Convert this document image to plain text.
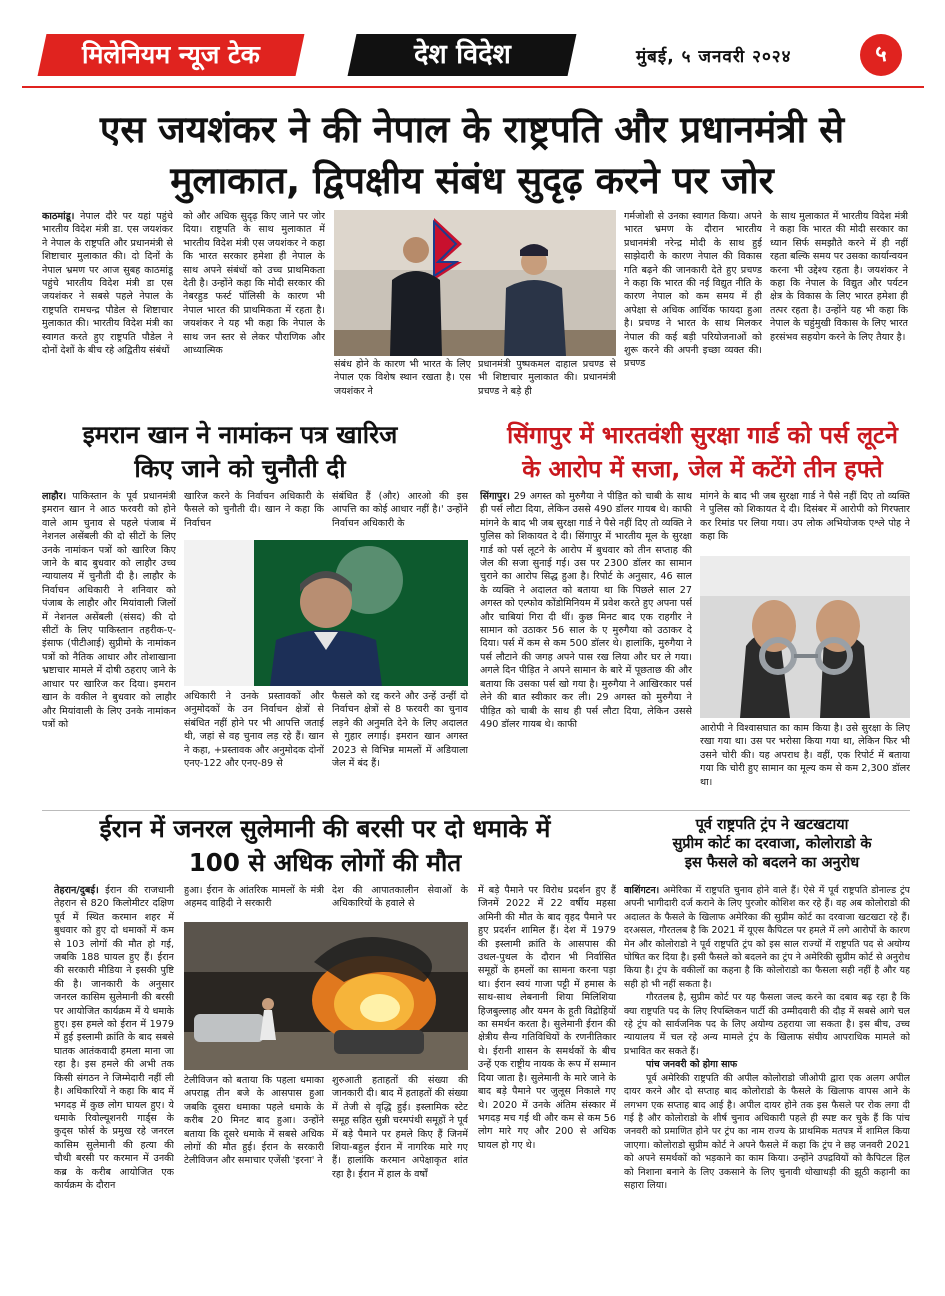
मिलेनियम न्यूज टेक	देश विदेश	मुंबई, ५ जनवरी २०२४	५
एस जयशंकर ने की नेपाल के राष्ट्रपति और प्रधानमंत्री से
मुलाकात, द्विपक्षीय संबंध सुदृढ़ करने पर जोर
काठमांडू। नेपाल दौरे पर यहां पहुंचे भारतीय विदेश मंत्री डा. एस जयशंकर ने नेपाल के राष्ट्रपति और प्रधानमंत्री से शिष्टाचार मुलाकात की। दो दिनों के नेपाल भ्रमण पर आज सुबह काठमांडू पहुंचे भारतीय विदेश मंत्री डा एस जयशंकर ने सबसे पहले नेपाल के राष्ट्रपति रामचन्द्र पौडेल से शिष्टाचार मुलाकात की। भारतीय विदेश मंत्री का स्वागत करते हुए राष्ट्रपति पौडेल ने दोनों देशों के बीच रहे अद्वितीय संबंधों
को और अधिक सुदृढ़ किए जाने पर जोर दिया। राष्ट्रपति के साथ मुलाकात में भारतीय विदेश मंत्री एस जयशंकर ने कहा कि भारत सरकार हमेशा ही नेपाल के साथ अपने संबंधों को उच्च प्राथमिकता देती है। उन्होंने कहा कि मोदी सरकार की नेबरहुड फर्स्ट पॉलिसी के कारण भी नेपाल भारत की प्राथमिकता में रहता है। जयशंकर ने यह भी कहा कि नेपाल के साथ जन स्तर से लेकर पौराणिक और आध्यात्मिक
संबंध होने के कारण भी भारत के लिए नेपाल एक विशेष स्थान रखता है। एस जयशंकर ने
प्रधानमंत्री पुष्पकमल दाहाल प्रचण्ड से भी शिष्टाचार मुलाकात की। प्रधानमंत्री प्रचण्ड ने बड़े ही
गर्मजोशी से उनका स्वागत किया। अपने भारत भ्रमण के दौरान भारतीय प्रधानमंत्री नरेन्द्र मोदी के साथ हुई साझेदारी के कारण नेपाल की विकास गति बढ़ने की जानकारी देते हुए प्रचण्ड ने कहा कि भारत की नई विद्युत नीति के कारण नेपाल को कम समय में ही अपेक्षा से अधिक आर्थिक फायदा हुआ है। प्रचण्ड ने भारत के साथ मिलकर नेपाल की कई बड़ी परियोजनाओं को शुरू करने की अपनी इच्छा व्यक्त की। प्रचण्ड
के साथ मुलाकात में भारतीय विदेश मंत्री ने कहा कि भारत की मोदी सरकार का ध्यान सिर्फ समझौते करने में ही नहीं रहता बल्कि समय पर उसका कार्यान्वयन करना भी उद्देश्य रहता है। जयशंकर ने कहा कि नेपाल के विद्युत और पर्यटन क्षेत्र के विकास के लिए भारत हमेशा ही तत्पर रहता है। उन्होंने यह भी कहा कि नेपाल के चहुंमुखी विकास के लिए भारत हरसंभव सहयोग करने के लिए तैयार है।
इमरान खान ने नामांकन पत्र खारिज
किए जाने को चुनौती दी
लाहौर। पाकिस्तान के पूर्व प्रधानमंत्री इमरान खान ने आठ फरवरी को होने वाले आम चुनाव से पहले पंजाब में नेशनल असेंबली की दो सीटों के लिए उनके नामांकन पत्रों को खारिज किए जाने के बाद बुधवार को लाहौर उच्च न्यायालय में चुनौती दी है। लाहौर के निर्वाचन अधिकारी ने शनिवार को पंजाब के लाहौर और मियांवाली जिलों में नेशनल असेंबली (संसद) की दो सीटों के लिए पाकिस्तान तहरीक-ए-इंसाफ (पीटीआई) सुप्रीमो के नामांकन पत्रों को नैतिक आधार और तोशाखाना भ्रष्टाचार मामले में दोषी ठहराए जाने के आधार पर खारिज कर दिया। इमरान खान के वकील ने बुधवार को लाहौर और मियांवाली के लिए उनके नामांकन पत्रों को
खारिज करने के निर्वाचन अधिकारी के फैसले को चुनौती दी। खान ने कहा कि निर्वाचन
संबंधित हैं (और) आरओ की इस आपत्ति का कोई आधार नहीं है।' उन्होंने निर्वाचन अधिकारी के
अधिकारी ने उनके प्रस्तावकों और अनुमोदकों के उन निर्वाचन क्षेत्रों से संबंधित नहीं होने पर भी आपत्ति जताई थी, जहां से वह चुनाव लड़ रहे हैं। खान ने कहा, +प्रस्तावक और अनुमोदक दोनों एनए-122 और एनए-89 से
फैसले को रद्द करने और उन्हें उन्हीं दो निर्वाचन क्षेत्रों से 8 फरवरी का चुनाव लड़ने की अनुमति देने के लिए अदालत से गुहार लगाई। इमरान खान अगस्त 2023 से विभिन्न मामलों में अडियाला जेल में बंद हैं।
सिंगापुर में भारतवंशी सुरक्षा गार्ड को पर्स लूटने
के आरोप में सजा, जेल में कटेंगे तीन हफ्ते
सिंगापुर। 29 अगस्त को मुरुगैया ने पीड़ित को चाबी के साथ ही पर्स लौटा दिया, लेकिन उससे 490 डॉलर गायब थे। काफी मांगने के बाद भी जब सुरक्षा गार्ड ने पैसे नहीं दिए तो व्यक्ति ने पुलिस को शिकायत दे दी। सिंगापुर में भारतीय मूल के सुरक्षा गार्ड को पर्स लूटने के आरोप में बुधवार को तीन सप्ताह की जेल की सजा सुनाई गई। उस पर 2300 डॉलर का सामान चुराने का आरोप सिद्ध हुआ है। रिपोर्ट के अनुसार, 46 साल के व्यक्ति ने अदालत को बताया था कि पिछले साल 27 अगस्त को एल्फोव कोंडोमिनियम में प्रवेश करते हुए अपना पर्स और चाबियां गिरा दी थीं। कुछ मिनट बाद एक राहगीर ने सामान को उठाकर 56 साल के ए मुरुगैया को उठाकर दे दिया। पर्स में कम से कम 500 डॉलर थे। हालांकि, मुरुगैया ने पर्स लौटाने की जगह अपने पास रख लिया और घर ले गया। अगले दिन पीड़ित ने अपने सामान के बारे में पूछताछ की और बताया कि उसका पर्स खो गया है। मुरुगैया ने आखिरकार पर्स लेने की बात स्वीकार कर ली। 29 अगस्त को मुरुगैया ने पीड़ित को चाबी के साथ ही पर्स लौटा दिया, लेकिन उससे 490 डॉलर गायब थे। काफी
मांगने के बाद भी जब सुरक्षा गार्ड ने पैसे नहीं दिए तो व्यक्ति ने पुलिस को शिकायत दे दी। दिसंबर में आरोपी को गिरफ्तार कर रिमांड पर लिया गया। उप लोक अभियोजक एश्ले पोह ने कहा कि
आरोपी ने विश्वासघात का काम किया है। उसे सुरक्षा के लिए रखा गया था। उस पर भरोसा किया गया था, लेकिन फिर भी उसने चोरी की। यह अपराध है। वहीं, एक रिपोर्ट में बताया गया कि चोरी हुए सामान का मूल्य कम से कम 2,300 डॉलर था।
ईरान में जनरल सुलेमानी की बरसी पर दो धमाके में
100 से अधिक लोगों की मौत
तेहरान/दुबई। ईरान की राजधानी तेहरान से 820 किलोमीटर दक्षिण पूर्व में स्थित करमान शहर में बुधवार को हुए दो धमाकों में कम से 103 लोगों की मौत हो गई, जबकि 188 घायल हुए हैं। ईरान की सरकारी मीडिया ने इसकी पुष्टि की है। जानकारी के अनुसार जनरल कासिम सुलेमानी की बरसी पर आयोजित कार्यक्रम में ये धमाके हुए। इस हमले को ईरान में 1979 में हुई इस्लामी क्रांति के बाद सबसे घातक आतंकवादी हमला माना जा रहा है। इस हमले की अभी तक किसी संगठन ने जिम्मेदारी नहीं ली है। अधिकारियों ने कहा कि बाद में भगदड़ में कुछ लोग घायल हुए। ये धमाके रिवोल्यूशनरी गार्ड्स के कुद्स फोर्स के प्रमुख रहे जनरल कासिम सुलेमानी की हत्या की चौथी बरसी पर करमान में उनकी कब्र के करीब आयोजित एक कार्यक्रम के दौरान
हुआ। ईरान के आंतरिक मामलों के मंत्री अहमद वाहिदी ने सरकारी
देश की आपातकालीन सेवाओं के अधिकारियों के हवाले से
टेलीविजन को बताया कि पहला धमाका अपराह्न तीन बजे के आसपास हुआ जबकि दूसरा धमाका पहले धमाके के करीब 20 मिनट बाद हुआ। उन्होंने बताया कि दूसरे धमाके में सबसे अधिक लोगों की मौत हुई। ईरान के सरकारी टेलीविजन और समाचार एजेंसी 'इरना' ने
शुरुआती हताहतों की संख्या की जानकारी दी। बाद में हताहतों की संख्या में तेजी से वृद्धि हुई। इस्लामिक स्टेट समूह सहित सुन्नी चरमपंथी समूहों ने पूर्व में बड़े पैमाने पर हमले किए हैं जिनमें शिया-बहुल ईरान में नागरिक मारे गए हैं। हालांकि करमान अपेक्षाकृत शांत रहा है। ईरान में हाल के वर्षों
में बड़े पैमाने पर विरोध प्रदर्शन हुए हैं जिनमें 2022 में 22 वर्षीय महसा अमिनी की मौत के बाद वृहद पैमाने पर हुए प्रदर्शन शामिल हैं। देश में 1979 की इस्लामी क्रांति के आसपास की उथल-पुथल के दौरान भी निर्वासित समूहों के हमलों का सामना करना पड़ा था। ईरान स्वयं गाजा पट्टी में हमास के साथ-साथ लेबनानी शिया मिलिशिया हिजबुल्लाह और यमन के हूती विद्रोहियों का समर्थन करता है। सुलेमानी ईरान की क्षेत्रीय सैन्य गतिविधियों के रणनीतिकार थे। ईरानी शासन के समर्थकों के बीच उन्हें एक राष्ट्रीय नायक के रूप में सम्मान दिया जाता है। सुलेमानी के मारे जाने के बाद बड़े पैमाने पर जुलूस निकाले गए थे। 2020 में उनके अंतिम संस्कार में भगदड़ मच गई थी और कम से कम 56 लोग मारे गए और 200 से अधिक घायल हो गए थे।
पूर्व राष्ट्रपति ट्रंप ने खटखटाया
सुप्रीम कोर्ट का दरवाजा, कोलोराडो के
इस फैसले को बदलने का अनुरोध

वाशिंगटन। अमेरिका में राष्ट्रपति चुनाव होने वाले हैं। ऐसे में पूर्व राष्ट्रपति डोनाल्ड ट्रंप अपनी भागीदारी दर्ज कराने के लिए पुरजोर कोशिश कर रहे हैं। वह अब कोलोराडो की अदालत के फैसले के खिलाफ अमेरिका की सुप्रीम कोर्ट का दरवाजा खटखटा रहे हैं। दरअसल, गौरतलब है कि 2021 में यूएस कैपिटल पर हमले में लगे आरोपों के कारण मेन और कोलोराडो ने पूर्व राष्ट्रपति ट्रंप को इस साल राज्यों में राष्ट्रपति पद से अयोग्य घोषित कर दिया है। इसी फैसले को बदलने का ट्रंप ने अमेरिकी सुप्रीम कोर्ट से अनुरोध किया है। ट्रंप के वकीलों का कहना है कि कोलोराडो का फैसला सही नहीं है और यह सही हो भी नहीं सकता है।

गौरतलब है, सुप्रीम कोर्ट पर यह फैसला जल्द करने का दबाव बढ़ रहा है कि क्या राष्ट्रपति पद के लिए रिपब्लिकन पार्टी की उम्मीदवारी की दौड़ में सबसे आगे चल रहे ट्रंप को सार्वजनिक पद के लिए अयोग्य ठहराया जा सकता है। इस बीच, उच्च न्यायालय में चल रहे अन्य मामले ट्रंप के खिलाफ संघीय आपराधिक मामले को प्रभावित कर सकते हैं।

पांच जनवरी को होगा साफ

पूर्व अमेरिकी राष्ट्रपति की अपील कोलोराडो जीओपी द्वारा एक अलग अपील दायर करने और दो सप्ताह बाद कोलोराडो के फैसले के खिलाफ वापस आने के लगभग एक सप्ताह बाद आई है। अपील दायर होने तक इस फैसले पर रोक लगा दी गई है और कोलोराडो के शीर्ष चुनाव अधिकारी पहले ही स्पष्ट कर चुके हैं कि पांच जनवरी को प्रमाणित होने पर ट्रंप का नाम राज्य के प्राथमिक मतपत्र में शामिल किया जाएगा। कोलोराडो सुप्रीम कोर्ट ने अपने फैसले में कहा कि ट्रंप ने छह जनवरी 2021 को अपने समर्थकों को भड़काने का काम किया। उन्होंने उपद्रवियों को कैपिटल हिल को निशाना बनाने के लिए उकसाने के लिए चुनावी धोखाधड़ी की झूठी कहानी का सहारा लिया।
